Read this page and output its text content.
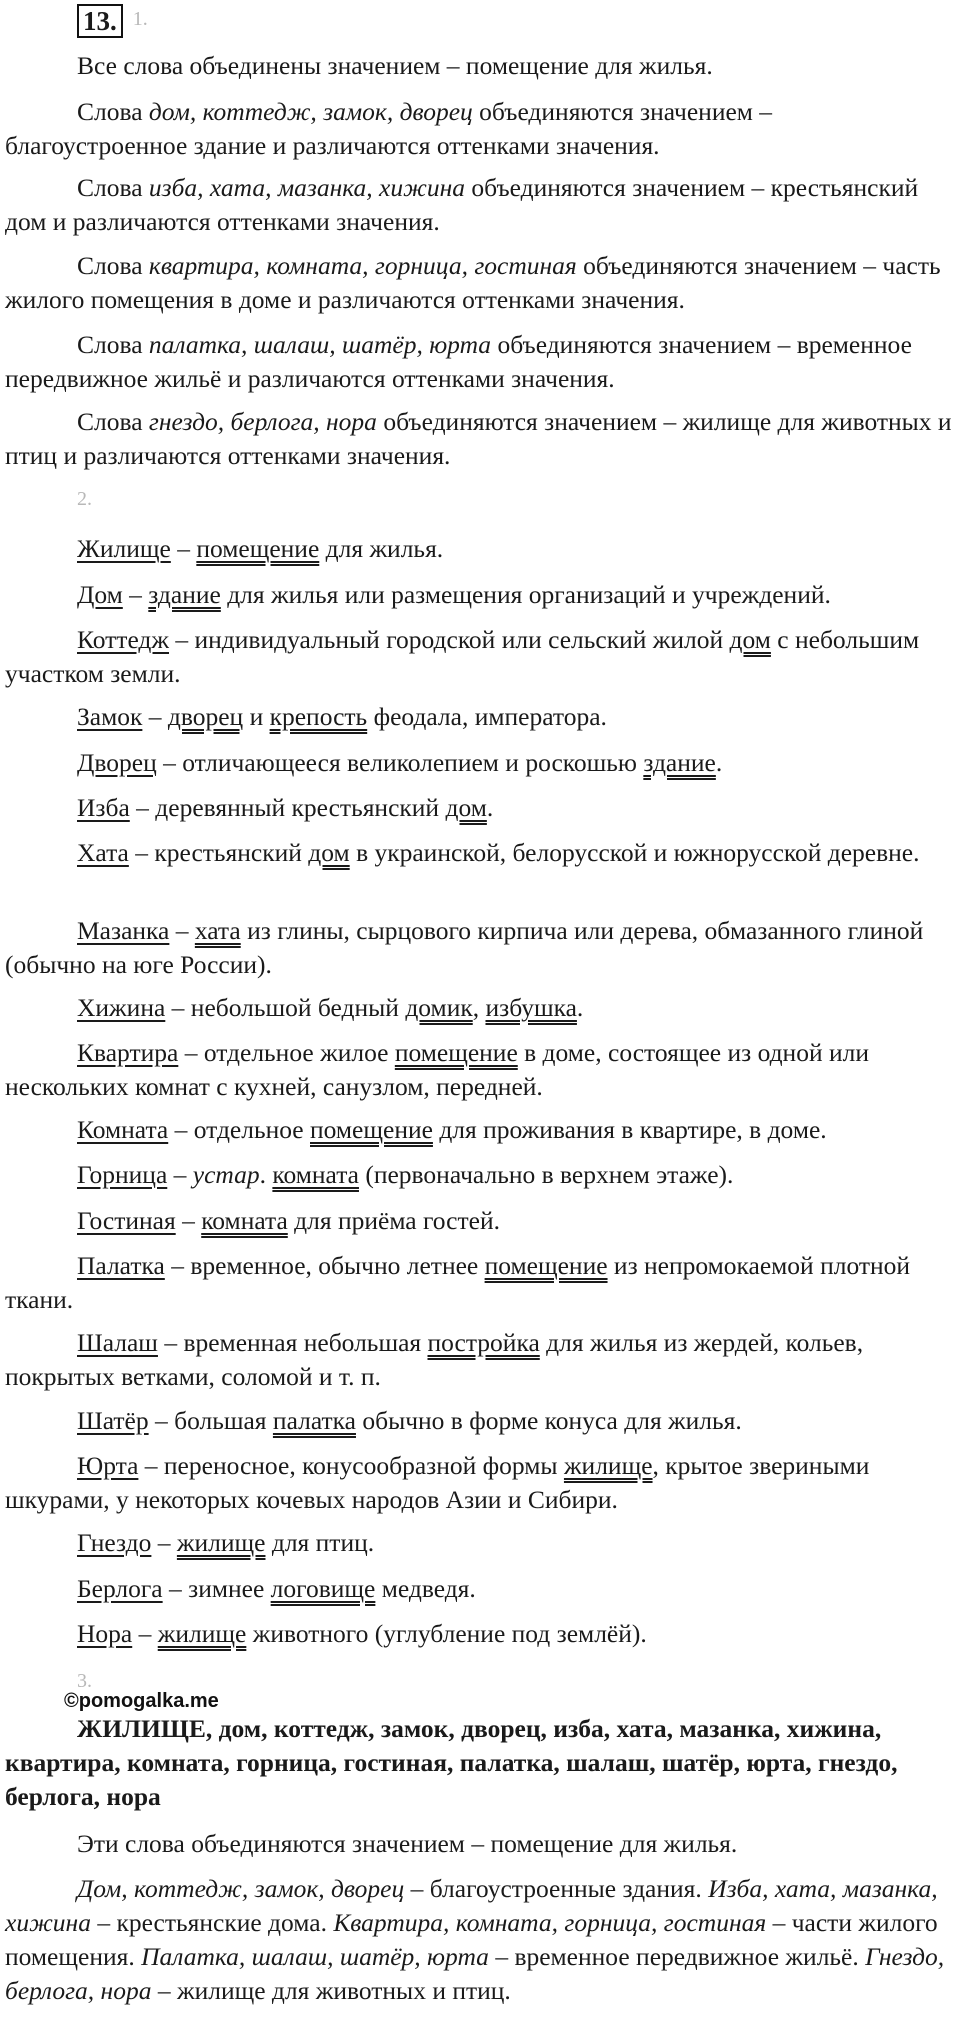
13. 1.

Все слова объединены значением – помещение для жилья.

Слова дом, коттедж, замок, дворец объединяются значением – благоустроенное здание и различаются оттенками значения.

Слова изба, хата, мазанка, хижина объединяются значением – крестьянский дом и различаются оттенками значения.

Слова квартира, комната, горница, гостиная объединяются значением – часть жилого помещения в доме и различаются оттенками значения.

Слова палатка, шалаш, шатёр, юрта объединяются значением – временное передвижное жильё и различаются оттенками значения.

Слова гнездо, берлога, нора объединяются значением – жилище для животных и птиц и различаются оттенками значения.

2.

Жилище – помещение для жилья.

Дом – здание для жилья или размещения организаций и учреждений.

Коттедж – индивидуальный городской или сельский жилой дом с небольшим участком земли.

Замок – дворец и крепость феодала, императора.

Дворец – отличающееся великолепием и роскошью здание.

Изба – деревянный крестьянский дом.

Хата – крестьянский дом в украинской, белорусской и южнорусской деревне.

Мазанка – хата из глины, сырцового кирпича или дерева, обмазанного глиной (обычно на юге России).

Хижина – небольшой бедный домик, избушка.

Квартира – отдельное жилое помещение в доме, состоящее из одной или нескольких комнат с кухней, санузлом, передней.

Комната – отдельное помещение для проживания в квартире, в доме.

Горница – устар. комната (первоначально в верхнем этаже).

Гостиная – комната для приёма гостей.

Палатка – временное, обычно летнее помещение из непромокаемой плотной ткани.

Шалаш – временная небольшая постройка для жилья из жердей, кольев, покрытых ветками, соломой и т. п.

Шатёр – большая палатка обычно в форме конуса для жилья.

Юрта – переносное, конусообразной формы жилище, крытое звериными шкурами, у некоторых кочевых народов Азии и Сибири.

Гнездо – жилище для птиц.

Берлога – зимнее логовище медведя.

Нора – жилище животного (углубление под землёй).

3.
©pomogalka.me

ЖИЛИЩЕ, дом, коттедж, замок, дворец, изба, хата, мазанка, хижина, квартира, комната, горница, гостиная, палатка, шалаш, шатёр, юрта, гнездо, берлога, нора

Эти слова объединяются значением – помещение для жилья.

Дом, коттедж, замок, дворец – благоустроенные здания. Изба, хата, мазанка, хижина – крестьянские дома. Квартира, комната, горница, гостиная – части жилого помещения. Палатка, шалаш, шатёр, юрта – временное передвижное жильё. Гнездо, берлога, нора – жилище для животных и птиц.
